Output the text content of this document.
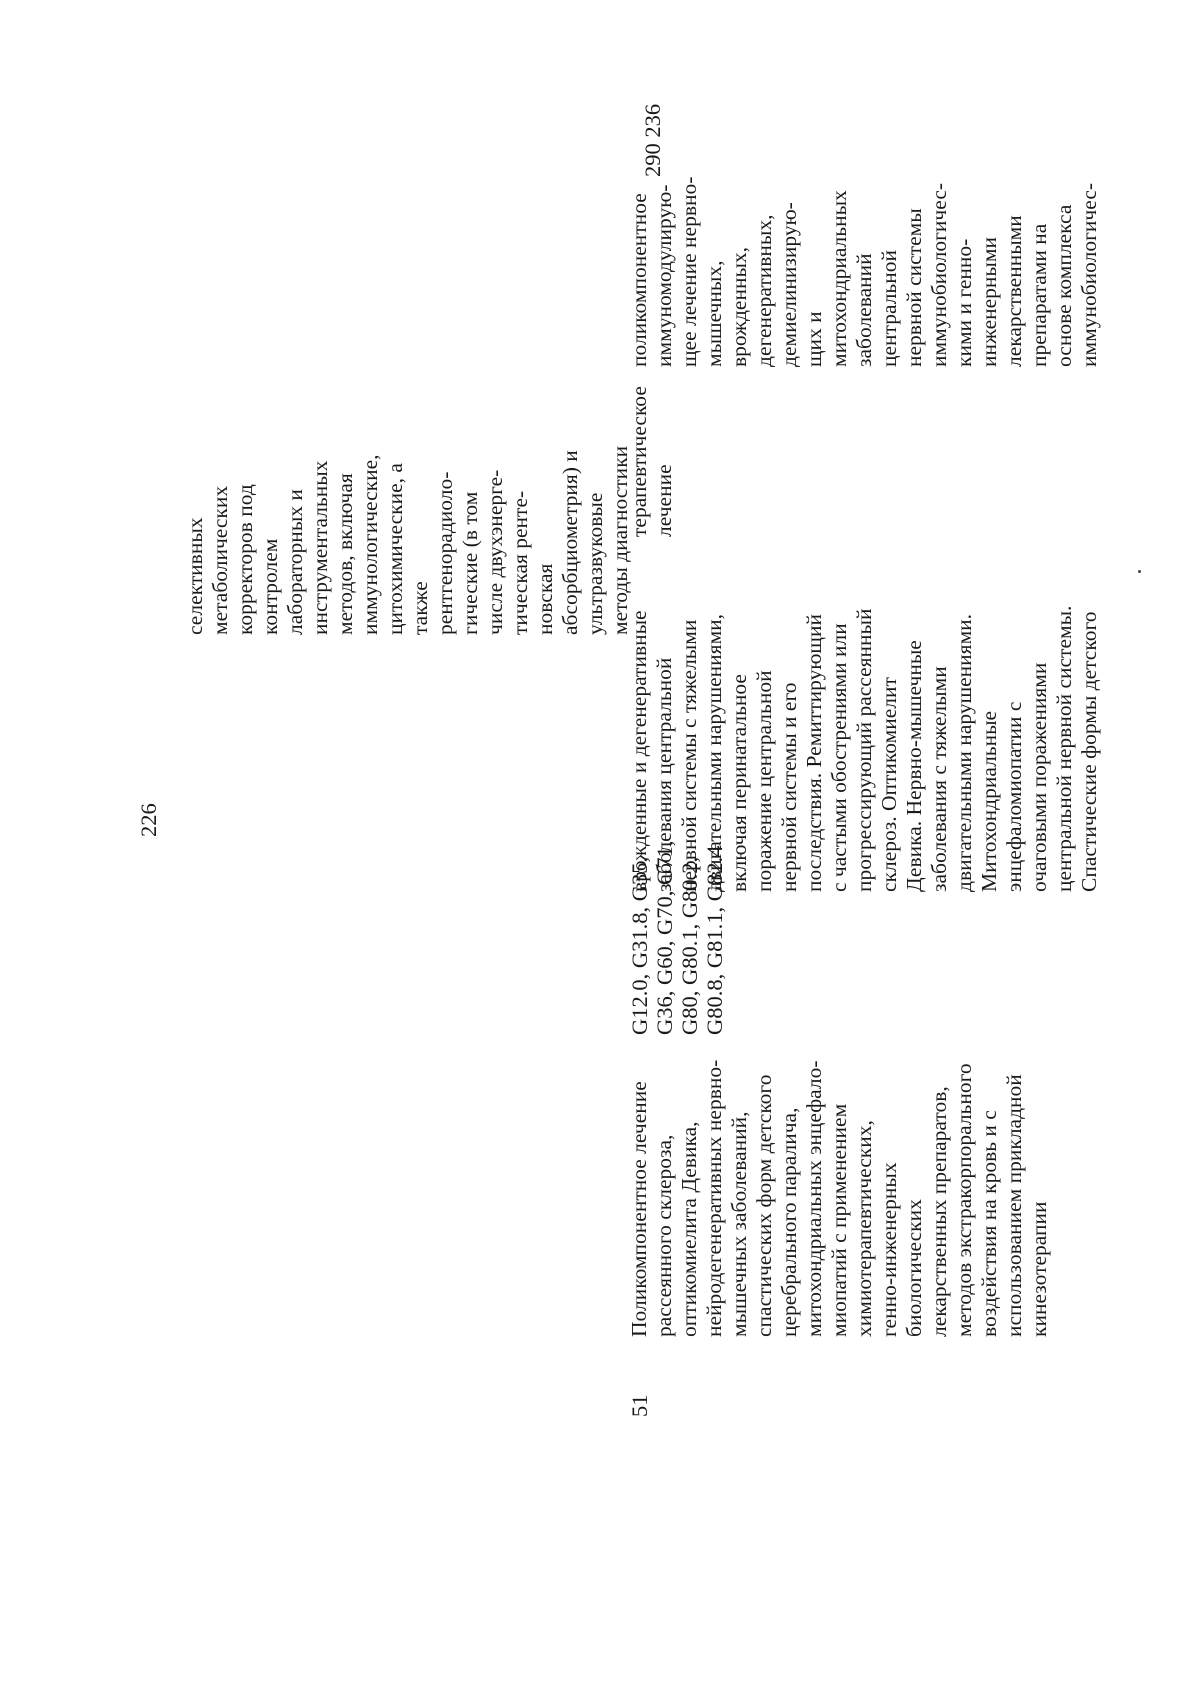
226
290 236
селективных метаболических корректоров под контролем лабораторных и инструментальных методов, включая иммунологические, цитохимические, а также рентгенорадиоло- гические (в том числе двухэнерге- тическая ренте- новская абсорбциометрия) и ультразвуковые методы диагностики
51
Поликомпонентное лечение рассеянного склероза, оптикомиелита Девика, нейродегенеративных нервно- мышечных заболеваний, спастических форм детского церебрального паралича, митохондриальных энцефало- миопатий с применением химиотерапевтических, генно-инженерных биологических лекарственных препаратов, методов экстракорпорального воздействия на кровь и с использованием прикладной кинезотерапии
G12.0, G31.8, G35, G36, G60, G70, G71, G80, G80.1, G80.2, G80.8, G81.1, G82.4
врожденные и дегенеративные заболевания центральной нервной системы с тяжелыми двигательными нарушениями, включая перинатальное поражение центральной нервной системы и его последствия. Ремиттирующий с частыми обострениями или прогрессирующий рассеянный склероз. Оптикомиелит Девика. Нервно-мышечные заболевания с тяжелыми двигательными нарушениями. Митохондриальные энцефаломиопатии с очаговыми поражениями центральной нервной системы. Спастические формы детского
терапевтическое лечение
поликомпонентное иммуномодулирую- щее лечение нервно- мышечных, врожденных, дегенеративных, демиелинизирую- щих и митохондриальных заболеваний центральной нервной системы иммунобиологичес- кими и генно- инженерными лекарственными препаратами на основе комплекса иммунобиологичес-
